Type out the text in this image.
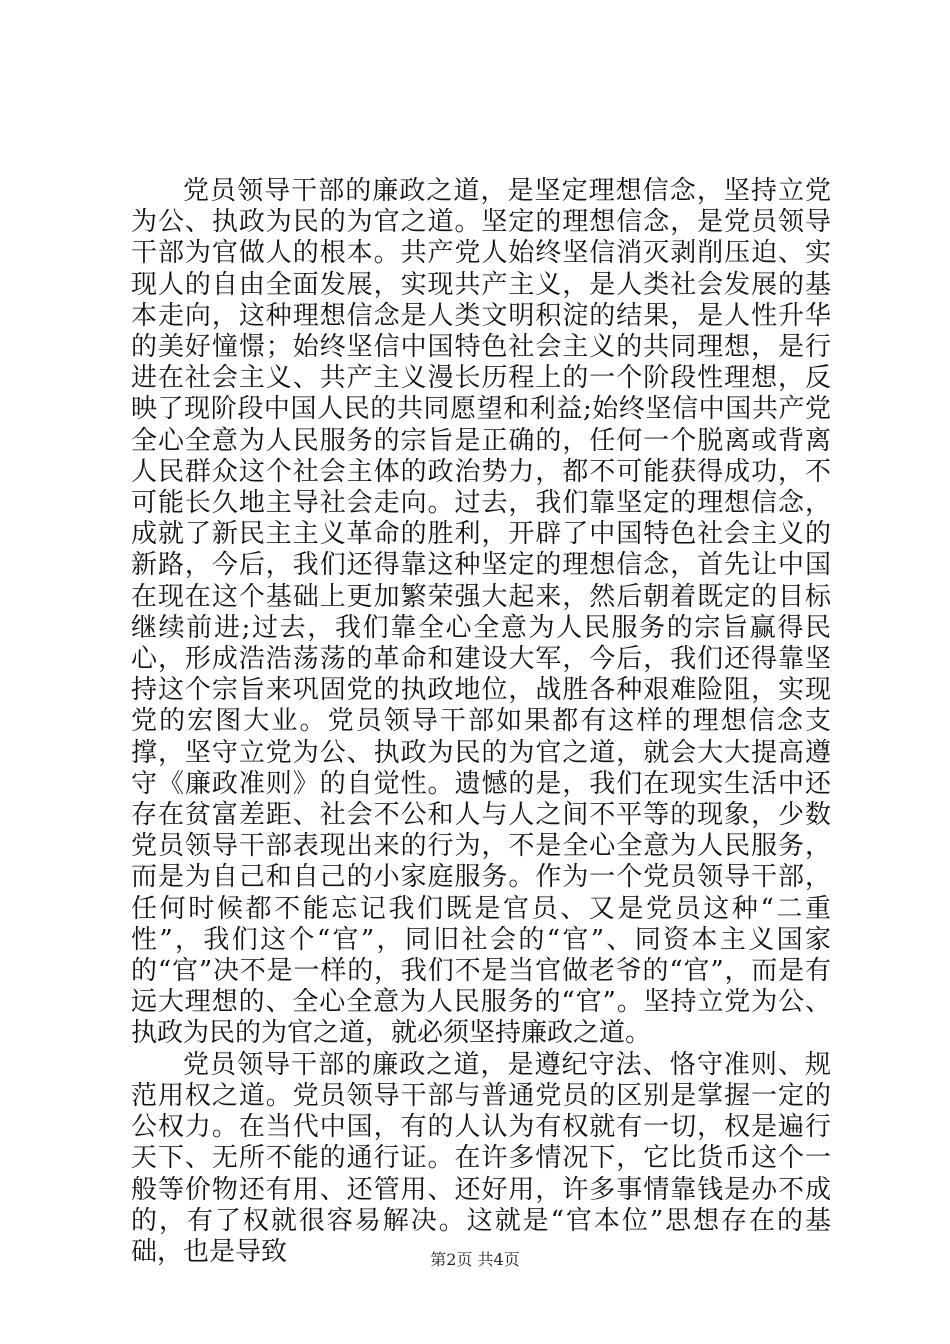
党员领导干部的廉政之道，是坚定理想信念，坚持立党为公、执政为民的为官之道。坚定的理想信念，是党员领导干部为官做人的根本。共产党人始终坚信消灭剥削压迫、实现人的自由全面发展，实现共产主义，是人类社会发展的基本走向，这种理想信念是人类文明积淀的结果，是人性升华的美好憧憬；始终坚信中国特色社会主义的共同理想，是行进在社会主义、共产主义漫长历程上的一个阶段性理想，反映了现阶段中国人民的共同愿望和利益;始终坚信中国共产党全心全意为人民服务的宗旨是正确的，任何一个脱离或背离人民群众这个社会主体的政治势力，都不可能获得成功，不可能长久地主导社会走向。过去，我们靠坚定的理想信念，成就了新民主主义革命的胜利，开辟了中国特色社会主义的新路，今后，我们还得靠这种坚定的理想信念，首先让中国在现在这个基础上更加繁荣强大起来，然后朝着既定的目标继续前进;过去，我们靠全心全意为人民服务的宗旨赢得民心，形成浩浩荡荡的革命和建设大军，今后，我们还得靠坚持这个宗旨来巩固党的执政地位，战胜各种艰难险阻，实现党的宏图大业。党员领导干部如果都有这样的理想信念支撑，坚守立党为公、执政为民的为官之道，就会大大提高遵守《廉政准则》的自觉性。遗憾的是，我们在现实生活中还存在贫富差距、社会不公和人与人之间不平等的现象，少数党员领导干部表现出来的行为，不是全心全意为人民服务，而是为自己和自己的小家庭服务。作为一个党员领导干部，任何时候都不能忘记我们既是官员、又是党员这种“二重性”，我们这个“官”，同旧社会的“官”、同资本主义国家的“官”决不是一样的，我们不是当官做老爷的“官”，而是有远大理想的、全心全意为人民服务的“官”。坚持立党为公、执政为民的为官之道，就必须坚持廉政之道。

党员领导干部的廉政之道，是遵纪守法、恪守准则、规范用权之道。党员领导干部与普通党员的区别是掌握一定的公权力。在当代中国，有的人认为有权就有一切，权是遍行天下、无所不能的通行证。在许多情况下，它比货币这个一般等价物还有用、还管用、还好用，许多事情靠钱是办不成的，有了权就很容易解决。这就是“官本位”思想存在的基础，也是导致	第2页 共4页
